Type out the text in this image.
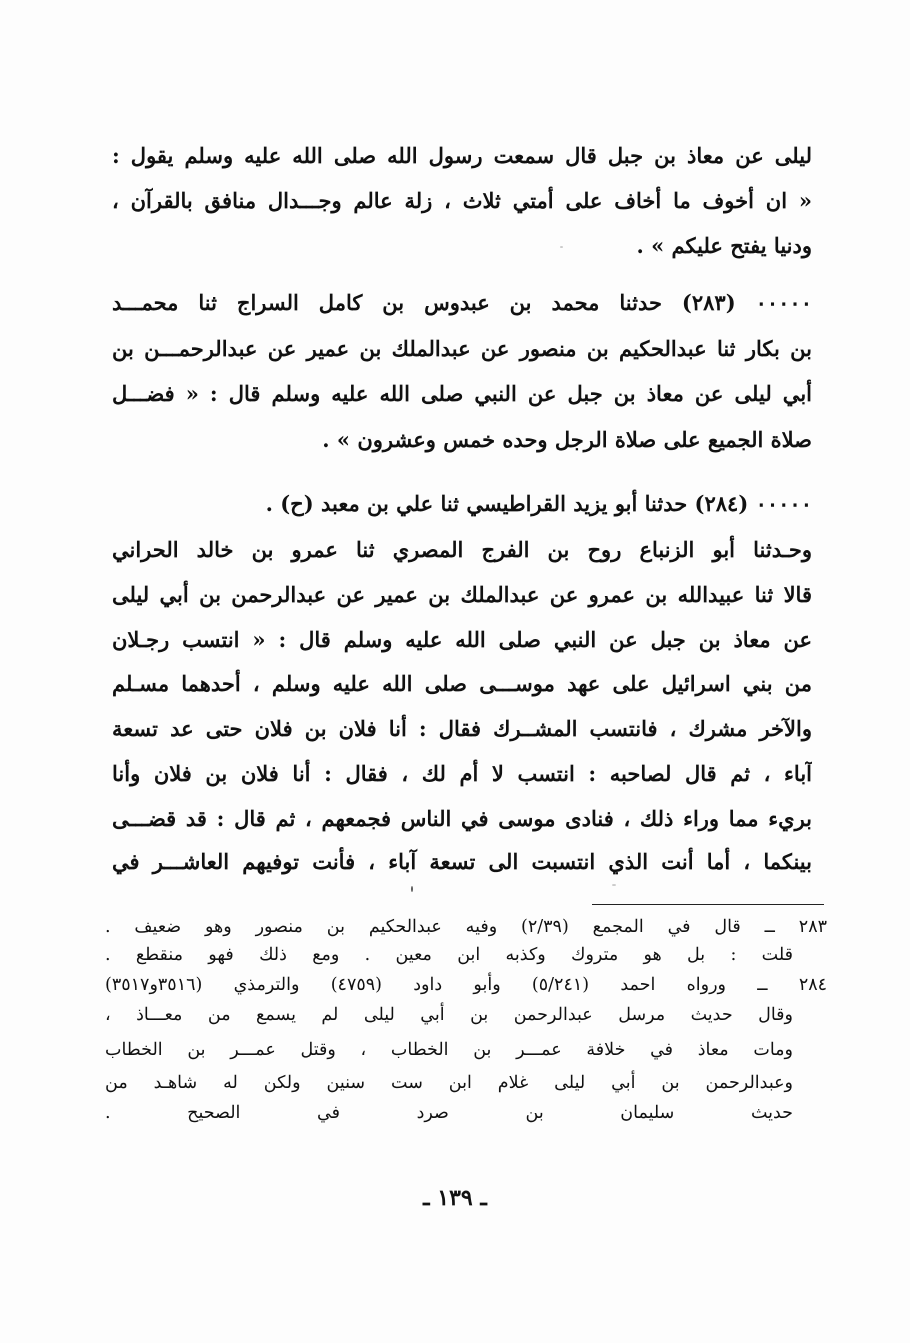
ليلى عن معاذ بن جبل قال سمعت رسول الله صلى الله عليه وسلم يقول :
« ان أخوف ما أخاف على أمتي ثلاث ، زلة عالم وجـــدال منافق بالقرآن ،
ودنيا يفتح عليكم » .
٠٠٠٠٠ (٢٨٣) حدثنا محمد بن عبدوس بن كامل السراج ثنا محمـــد
بن بكار ثنا عبدالحكيم بن منصور عن عبدالملك بن عمير عن عبدالرحمـــن بن
أبي ليلى عن معاذ بن جبل عن النبي صلى الله عليه وسلم قال : « فضـــل
صلاة الجميع على صلاة الرجل وحده خمس وعشرون » .
٠٠٠٠٠ (٢٨٤) حدثنا أبو يزيد القراطيسي ثنا علي بن معبد (ح) .
وحـدثنا أبو الزنباع روح بن الفرج المصري ثنا عمرو بن خالد الحراني
قالا ثنا عبيدالله بن عمرو عن عبدالملك بن عمير عن عبدالرحمن بن أبي ليلى
عن معاذ بن جبل عن النبي صلى الله عليه وسلم قال : « انتسب رجـلان
من بني اسرائيل على عهد موســـى صلى الله عليه وسلم ، أحدهما مسـلم
والآخر مشرك ، فانتسب المشــرك فقال : أنا فلان بن فلان حتى عد تسعة
آباء ، ثم قال لصاحبه : انتسب لا أم لك ، فقال : أنا فلان بن فلان وأنا
بريء مما وراء ذلك ، فنادى موسى في الناس فجمعهم ، ثم قال : قد قضـــى
بينكما ، أما أنت الذي انتسبت الى تسعة آباء ، فأنت توفيهم العاشـــر في
٢٨٣ ــ قال في المجمع (٢/٣٩) وفيه عبدالحكيم بن منصور وهو ضعيف .
قلت : بل هو متروك وكذبه ابن معين . ومع ذلك فهو منقطع .
٢٨٤ ــ ورواه احمد (٥/٢٤١) وأبو داود (٤٧٥٩) والترمذي (٣٥١٦و٣٥١٧)
وقال حديث مرسل عبدالرحمن بن أبي ليلى لم يسمع من معـــاذ ،
ومات معاذ في خلافة عمـــر بن الخطاب ، وقتل عمـــر بن الخطاب
وعبدالرحمن بن أبي ليلى غلام ابن ست سنين ولكن له شاهـد من
حديث سليمان بن صرد في الصحيح .
ـ ١٣٩ ـ
